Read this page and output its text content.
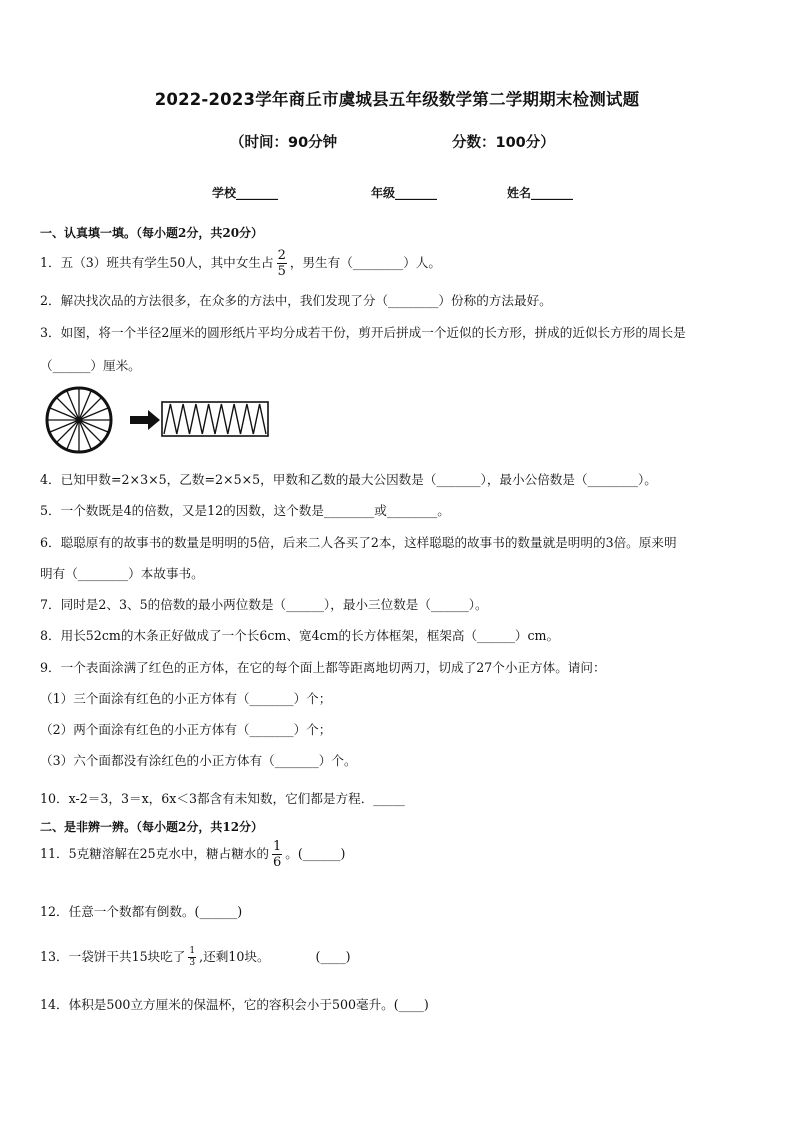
2022-2023学年商丘市虞城县五年级数学第二学期期末检测试题
（时间：90分钟	分数：100分）
学校_______	年级_______	姓名_______
一、认真填一填。（每小题2分，共20分）
1．五（3）班共有学生50人，其中女生占 $\frac{2}{5}$ ，男生有（________）人。
2．解决找次品的方法很多，在众多的方法中，我们发现了分（________）份称的方法最好。
3．如图，将一个半径2厘米的圆形纸片平均分成若干份，剪开后拼成一个近似的长方形，拼成的近似长方形的周长是
（______）厘米。
4．已知甲数=2×3×5，乙数=2×5×5，甲数和乙数的最大公因数是（_______），最小公倍数是（________）。
5．一个数既是4的倍数，又是12的因数，这个数是________或________。
6．聪聪原有的故事书的数量是明明的5倍，后来二人各买了2本，这样聪聪的故事书的数量就是明明的3倍。原来明
明有（________）本故事书。
7．同时是2、3、5的倍数的最小两位数是（______），最小三位数是（______）。
8．用长52cm的木条正好做成了一个长6cm、宽4cm的长方体框架，框架高（______）cm。
9．一个表面涂满了红色的正方体，在它的每个面上都等距离地切两刀，切成了27个小正方体。请问：
（1）三个面涂有红色的小正方体有（_______）个；
（2）两个面涂有红色的小正方体有（_______）个；
（3）六个面都没有涂红色的小正方体有（_______）个。
10．x-2＝3，3＝x，6x＜3都含有未知数，它们都是方程．_____
二、是非辨一辨。（每小题2分，共12分）
11．5克糖溶解在25克水中，糖占糖水的 $\frac{1}{6}$ 。(______)
12．任意一个数都有倒数。(______)
13．一袋饼干共15块吃了 $\frac{1}{3}$ ,还剩10块。	(____)
14．体积是500立方厘米的保温杯，它的容积会小于500毫升。(____)
